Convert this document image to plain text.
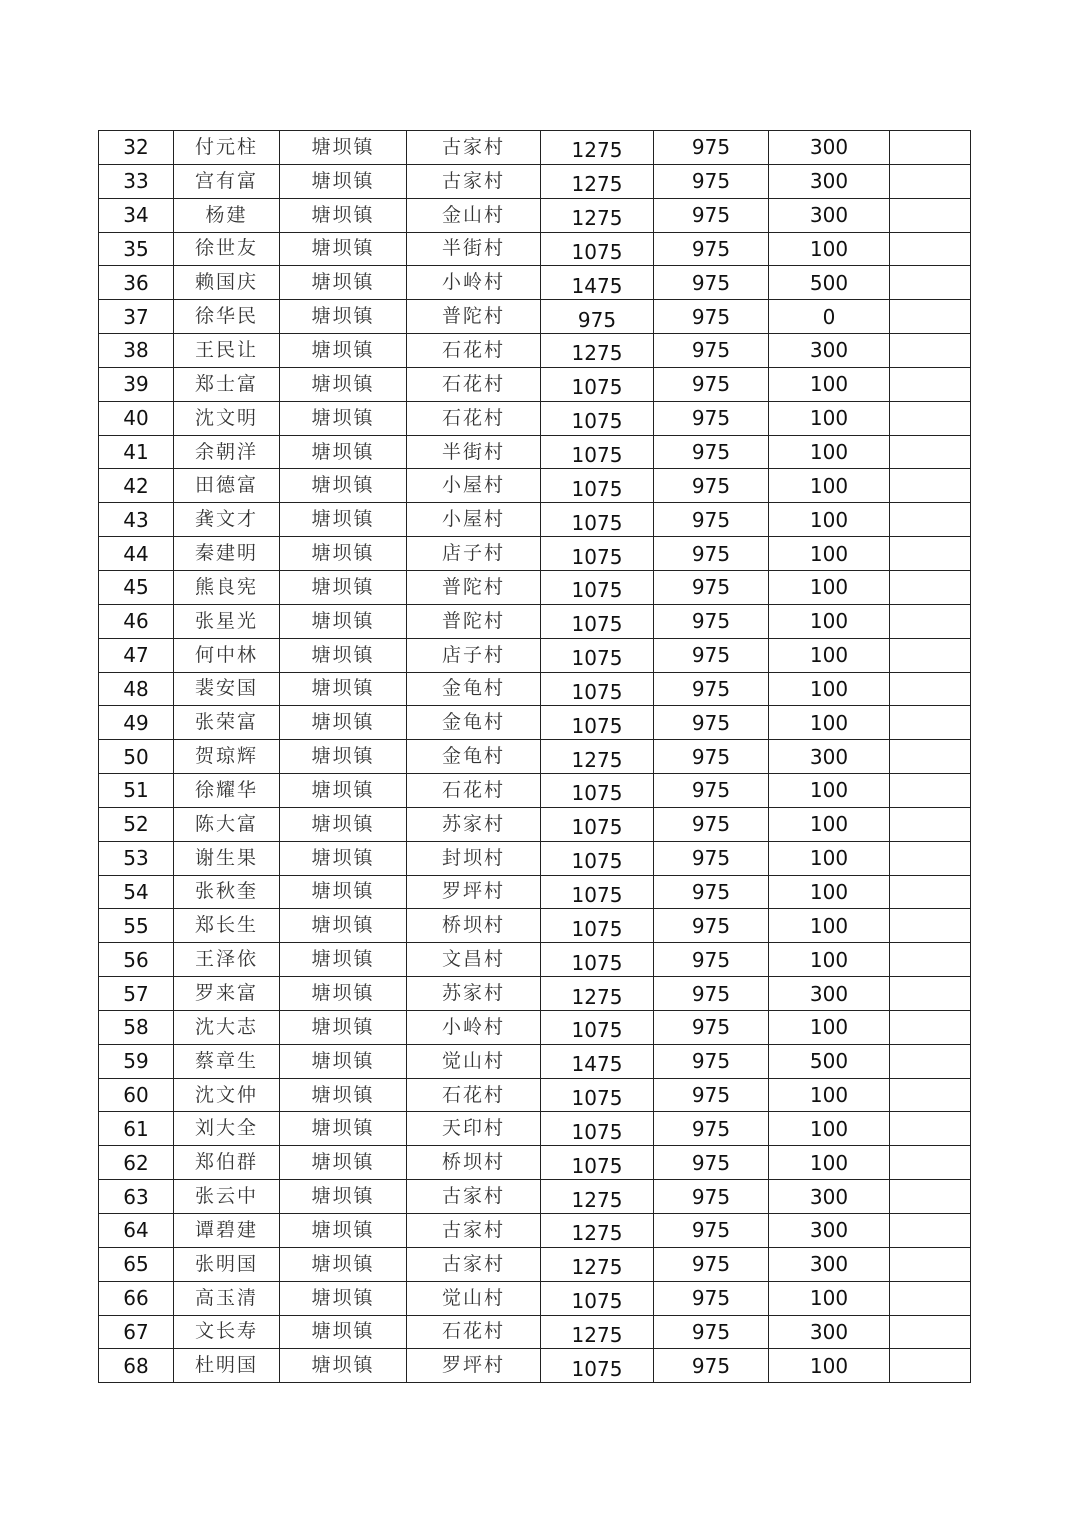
32	付元柱	塘坝镇	古家村	1275	975	300	
33	宫有富	塘坝镇	古家村	1275	975	300	
34	杨建	塘坝镇	金山村	1275	975	300	
35	徐世友	塘坝镇	半街村	1075	975	100	
36	赖国庆	塘坝镇	小岭村	1475	975	500	
37	徐华民	塘坝镇	普陀村	975	975	0	
38	王民让	塘坝镇	石花村	1275	975	300	
39	郑士富	塘坝镇	石花村	1075	975	100	
40	沈文明	塘坝镇	石花村	1075	975	100	
41	余朝洋	塘坝镇	半街村	1075	975	100	
42	田德富	塘坝镇	小屋村	1075	975	100	
43	龚文才	塘坝镇	小屋村	1075	975	100	
44	秦建明	塘坝镇	店子村	1075	975	100	
45	熊良宪	塘坝镇	普陀村	1075	975	100	
46	张星光	塘坝镇	普陀村	1075	975	100	
47	何中林	塘坝镇	店子村	1075	975	100	
48	裴安国	塘坝镇	金龟村	1075	975	100	
49	张荣富	塘坝镇	金龟村	1075	975	100	
50	贺琼辉	塘坝镇	金龟村	1275	975	300	
51	徐耀华	塘坝镇	石花村	1075	975	100	
52	陈大富	塘坝镇	苏家村	1075	975	100	
53	谢生果	塘坝镇	封坝村	1075	975	100	
54	张秋奎	塘坝镇	罗坪村	1075	975	100	
55	郑长生	塘坝镇	桥坝村	1075	975	100	
56	王泽依	塘坝镇	文昌村	1075	975	100	
57	罗来富	塘坝镇	苏家村	1275	975	300	
58	沈大志	塘坝镇	小岭村	1075	975	100	
59	蔡章生	塘坝镇	觉山村	1475	975	500	
60	沈文仲	塘坝镇	石花村	1075	975	100	
61	刘大全	塘坝镇	天印村	1075	975	100	
62	郑伯群	塘坝镇	桥坝村	1075	975	100	
63	张云中	塘坝镇	古家村	1275	975	300	
64	谭碧建	塘坝镇	古家村	1275	975	300	
65	张明国	塘坝镇	古家村	1275	975	300	
66	高玉清	塘坝镇	觉山村	1075	975	100	
67	文长寿	塘坝镇	石花村	1275	975	300	
68	杜明国	塘坝镇	罗坪村	1075	975	100	
